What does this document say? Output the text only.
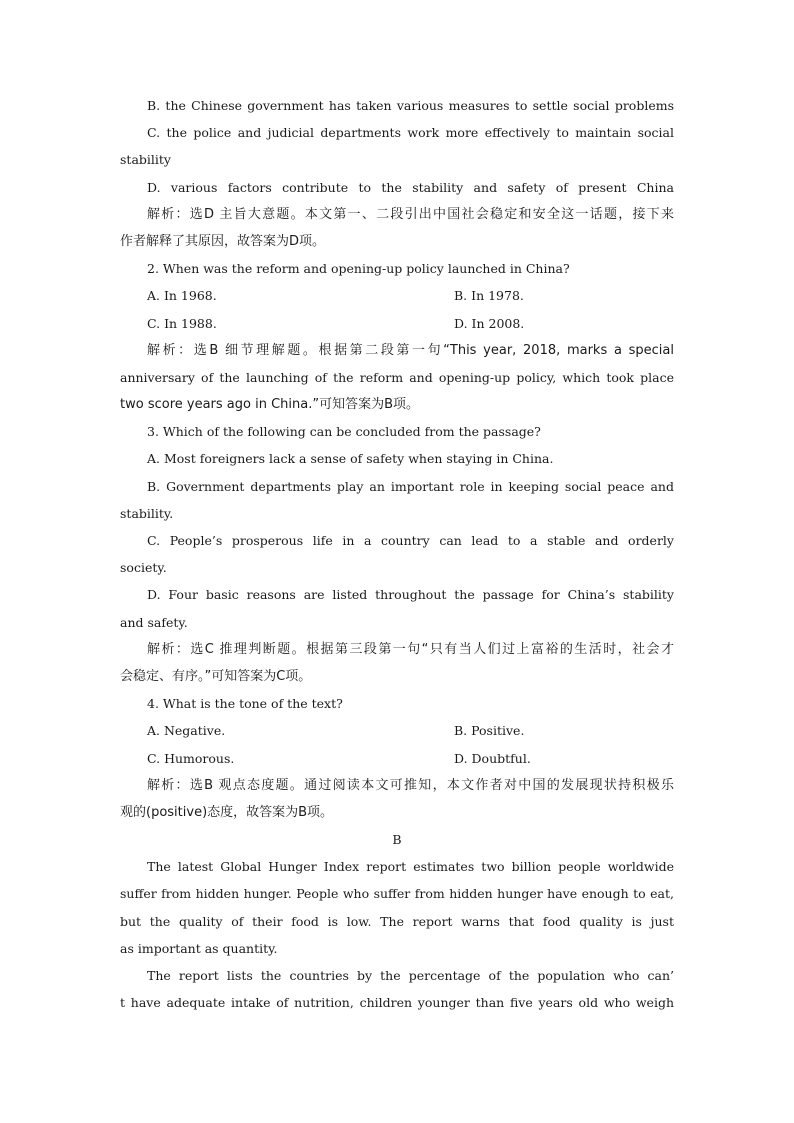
B. the Chinese government has taken various measures to settle social problems
C. the police and judicial departments work more effectively to maintain social
stability
D. various factors contribute to the stability and safety of present China
解析：选D 主旨大意题。本文第一、二段引出中国社会稳定和安全这一话题，接下来
作者解释了其原因，故答案为D项。
2. When was the reform and opening-up policy launched in China?
A. In 1968.	B. In 1978.
C. In 1988.	D. In 2008.
解析：选B 细节理解题。根据第二段第一句“This year, 2018, marks a special
anniversary of the launching of the reform and opening-up policy, which took place
two score years ago in China.”可知答案为B项。
3. Which of the following can be concluded from the passage?
A. Most foreigners lack a sense of safety when staying in China.
B. Government departments play an important role in keeping social peace and
stability.
C. People’s prosperous life in a country can lead to a stable and orderly
society.
D. Four basic reasons are listed throughout the passage for China’s stability
and safety.
解析：选C 推理判断题。根据第三段第一句“只有当人们过上富裕的生活时，社会才
会稳定、有序。”可知答案为C项。
4. What is the tone of the text?
A. Negative.	B. Positive.
C. Humorous.	D. Doubtful.
解析：选B 观点态度题。通过阅读本文可推知，本文作者对中国的发展现状持积极乐
观的(positive)态度，故答案为B项。
B
The latest Global Hunger Index report estimates two billion people worldwide
suffer from hidden hunger. People who suffer from hidden hunger have enough to eat,
but the quality of their food is low. The report warns that food quality is just
as important as quantity.
The report lists the countries by the percentage of the population who can’
t have adequate intake of nutrition, children younger than five years old who weigh
